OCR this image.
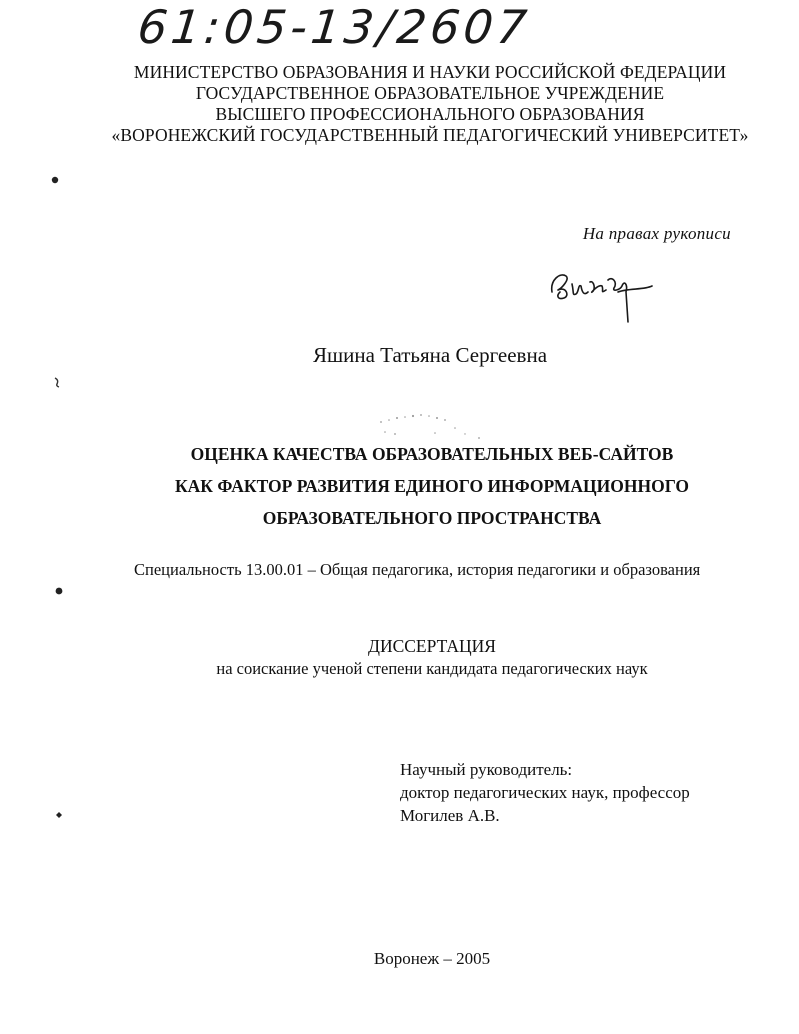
61:05-13/2607
МИНИСТЕРСТВО ОБРАЗОВАНИЯ И НАУКИ РОССИЙСКОЙ ФЕДЕРАЦИИ
ГОСУДАРСТВЕННОЕ ОБРАЗОВАТЕЛЬНОЕ УЧРЕЖДЕНИЕ
ВЫСШЕГО ПРОФЕССИОНАЛЬНОГО ОБРАЗОВАНИЯ
«ВОРОНЕЖСКИЙ ГОСУДАРСТВЕННЫЙ ПЕДАГОГИЧЕСКИЙ УНИВЕРСИТЕТ»
На правах рукописи
Яшина Татьяна Сергеевна
ОЦЕНКА КАЧЕСТВА ОБРАЗОВАТЕЛЬНЫХ ВЕБ-САЙТОВ
КАК ФАКТОР РАЗВИТИЯ ЕДИНОГО ИНФОРМАЦИОННОГО
ОБРАЗОВАТЕЛЬНОГО ПРОСТРАНСТВА
Специальность 13.00.01 – Общая педагогика, история педагогики и образования
ДИССЕРТАЦИЯ
на соискание ученой степени кандидата педагогических наук
Научный руководитель:
доктор педагогических наук, профессор
Могилев А.В.
Воронеж – 2005
